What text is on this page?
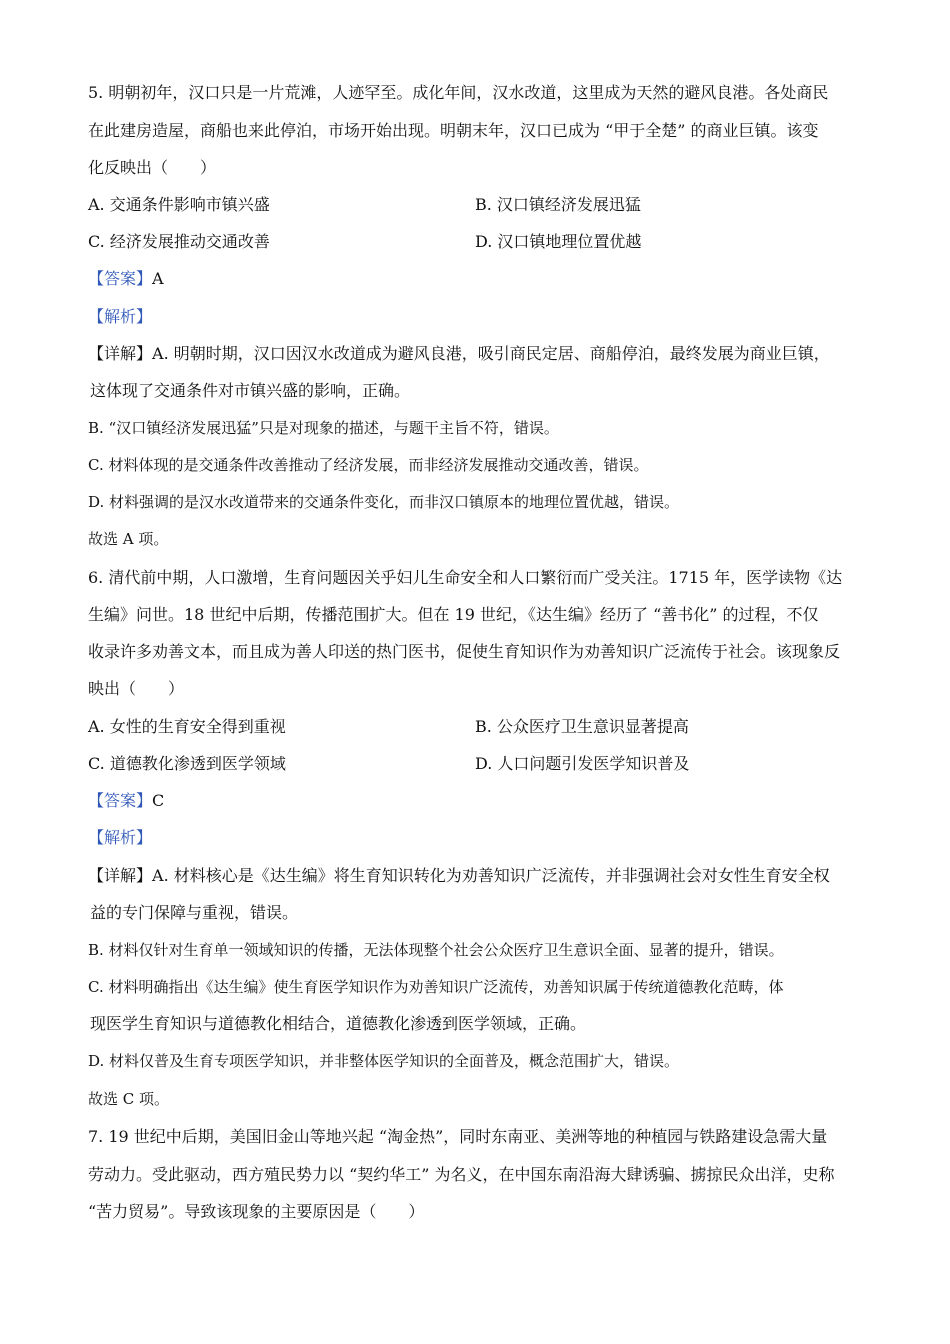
5. 明朝初年，汉口只是一片荒滩，人迹罕至。成化年间，汉水改道，这里成为天然的避风良港。各处商民
在此建房造屋，商船也来此停泊，市场开始出现。明朝末年，汉口已成为 “甲于全楚” 的商业巨镇。该变
化反映出（　　）
A. 交通条件影响市镇兴盛	B. 汉口镇经济发展迅猛
C. 经济发展推动交通改善	D. 汉口镇地理位置优越
【答案】A
【解析】
【详解】A. 明朝时期，汉口因汉水改道成为避风良港，吸引商民定居、商船停泊，最终发展为商业巨镇，
这体现了交通条件对市镇兴盛的影响，正确。
B. “汉口镇经济发展迅猛”只是对现象的描述，与题干主旨不符，错误。
C. 材料体现的是交通条件改善推动了经济发展，而非经济发展推动交通改善，错误。
D. 材料强调的是汉水改道带来的交通条件变化，而非汉口镇原本的地理位置优越，错误。
故选 A 项。
6. 清代前中期，人口激增，生育问题因关乎妇儿生命安全和人口繁衍而广受关注。1715 年，医学读物《达
生编》问世。18 世纪中后期，传播范围扩大。但在 19 世纪，《达生编》经历了 “善书化” 的过程，不仅
收录许多劝善文本，而且成为善人印送的热门医书，促使生育知识作为劝善知识广泛流传于社会。该现象反
映出（　　）
A. 女性的生育安全得到重视	B. 公众医疗卫生意识显著提高
C. 道德教化渗透到医学领域	D. 人口问题引发医学知识普及
【答案】C
【解析】
【详解】A. 材料核心是《达生编》将生育知识转化为劝善知识广泛流传，并非强调社会对女性生育安全权
益的专门保障与重视，错误。
B. 材料仅针对生育单一领域知识的传播，无法体现整个社会公众医疗卫生意识全面、显著的提升，错误。
C. 材料明确指出《达生编》使生育医学知识作为劝善知识广泛流传，劝善知识属于传统道德教化范畴，体
现医学生育知识与道德教化相结合，道德教化渗透到医学领域，正确。
D. 材料仅普及生育专项医学知识，并非整体医学知识的全面普及，概念范围扩大，错误。
故选 C 项。
7. 19 世纪中后期，美国旧金山等地兴起 “淘金热”，同时东南亚、美洲等地的种植园与铁路建设急需大量
劳动力。受此驱动，西方殖民势力以 “契约华工” 为名义，在中国东南沿海大肆诱骗、掳掠民众出洋，史称
“苦力贸易”。导致该现象的主要原因是（　　）
